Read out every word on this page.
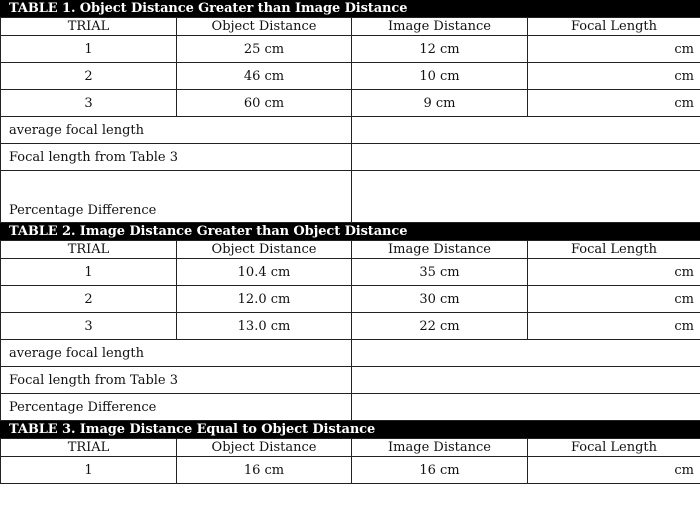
TABLE 1. Object Distance Greater than Image Distance
TRIAL	Object Distance	Image Distance	Focal Length
1	25 cm	12 cm	cm
2	46 cm	10 cm	cm
3	60 cm	9 cm	cm
average focal length			
Focal length from Table 3			
Percentage Difference			
TABLE 2. Image Distance Greater than Object Distance
TRIAL	Object Distance	Image Distance	Focal Length
1	10.4 cm	35 cm	cm
2	12.0 cm	30 cm	cm
3	13.0 cm	22 cm	cm
average focal length			
Focal length from Table 3			
Percentage Difference			
TABLE 3. Image Distance Equal to Object Distance
TRIAL	Object Distance	Image Distance	Focal Length
1	16 cm	16 cm	cm
